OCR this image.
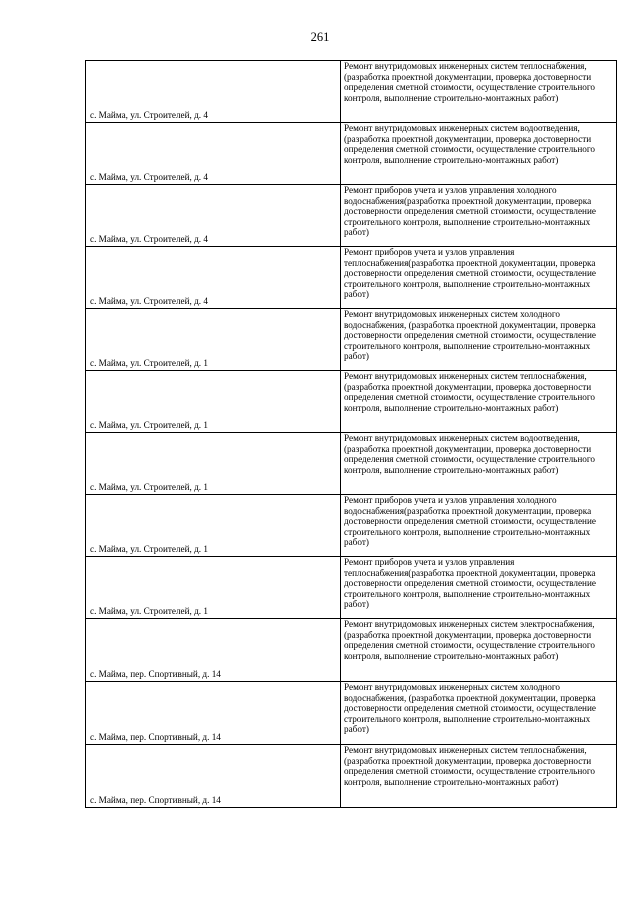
261
с. Майма, ул. Строителей, д. 4	Ремонт внутридомовых инженерных систем теплоснабжения, (разработка проектной документации, проверка достоверности определения сметной стоимости, осуществление строительного контроля, выполнение строительно-монтажных работ)
с. Майма, ул. Строителей, д. 4	Ремонт внутридомовых инженерных систем водоотведения, (разработка проектной документации, проверка достоверности определения сметной стоимости, осуществление строительного контроля, выполнение строительно-монтажных работ)
с. Майма, ул. Строителей, д. 4	Ремонт приборов учета и узлов управления холодного водоснабжения(разработка проектной документации, проверка достоверности определения сметной стоимости, осуществление строительного контроля, выполнение строительно-монтажных работ)
с. Майма, ул. Строителей, д. 4	Ремонт приборов учета и узлов управления теплоснабжения(разработка проектной документации, проверка достоверности определения сметной стоимости, осуществление строительного контроля, выполнение строительно-монтажных работ)
с. Майма, ул. Строителей, д. 1	Ремонт внутридомовых инженерных систем холодного водоснабжения, (разработка проектной документации, проверка достоверности определения сметной стоимости, осуществление строительного контроля, выполнение строительно-монтажных работ)
с. Майма, ул. Строителей, д. 1	Ремонт внутридомовых инженерных систем теплоснабжения, (разработка проектной документации, проверка достоверности определения сметной стоимости, осуществление строительного контроля, выполнение строительно-монтажных работ)
с. Майма, ул. Строителей, д. 1	Ремонт внутридомовых инженерных систем водоотведения, (разработка проектной документации, проверка достоверности определения сметной стоимости, осуществление строительного контроля, выполнение строительно-монтажных работ)
с. Майма, ул. Строителей, д. 1	Ремонт приборов учета и узлов управления холодного водоснабжения(разработка проектной документации, проверка достоверности определения сметной стоимости, осуществление строительного контроля, выполнение строительно-монтажных работ)
с. Майма, ул. Строителей, д. 1	Ремонт приборов учета и узлов управления теплоснабжения(разработка проектной документации, проверка достоверности определения сметной стоимости, осуществление строительного контроля, выполнение строительно-монтажных работ)
с. Майма, пер. Спортивный, д. 14	Ремонт внутридомовых инженерных систем электроснабжения, (разработка проектной документации, проверка достоверности определения сметной стоимости, осуществление строительного контроля, выполнение строительно-монтажных работ)
с. Майма, пер. Спортивный, д. 14	Ремонт внутридомовых инженерных систем холодного водоснабжения, (разработка проектной документации, проверка достоверности определения сметной стоимости, осуществление строительного контроля, выполнение строительно-монтажных работ)
с. Майма, пер. Спортивный, д. 14	Ремонт внутридомовых инженерных систем теплоснабжения, (разработка проектной документации, проверка достоверности определения сметной стоимости, осуществление строительного контроля, выполнение строительно-монтажных работ)
